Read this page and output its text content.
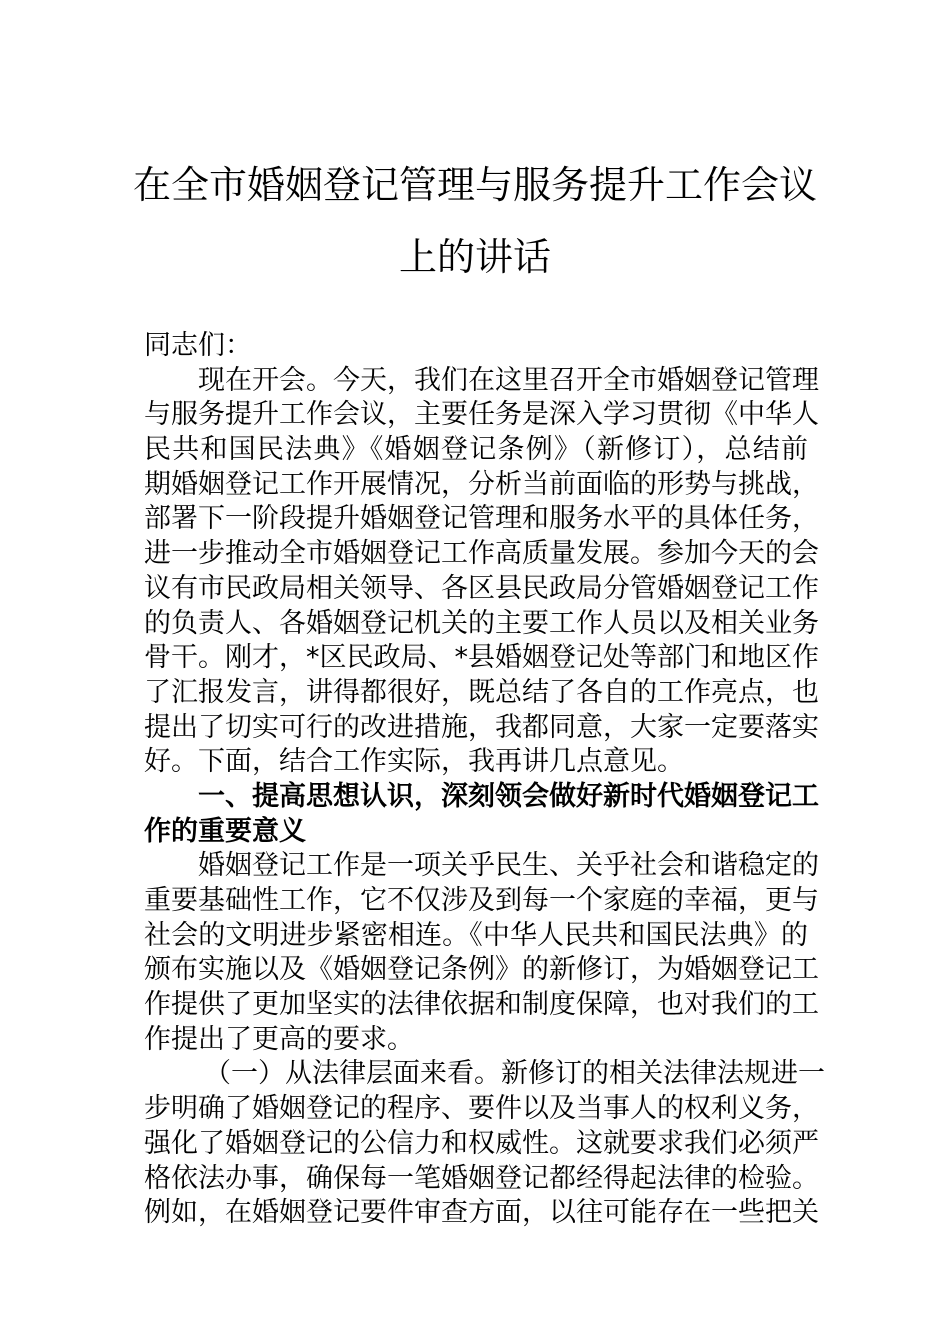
在全市婚姻登记管理与服务提升工作会议
上的讲话
同志们：
现在开会。今天，我们在这里召开全市婚姻登记管理
与服务提升工作会议，主要任务是深入学习贯彻《中华人
民共和国民法典》《婚姻登记条例》（新修订），总结前
期婚姻登记工作开展情况，分析当前面临的形势与挑战，
部署下一阶段提升婚姻登记管理和服务水平的具体任务，
进一步推动全市婚姻登记工作高质量发展。参加今天的会
议有市民政局相关领导、各区县民政局分管婚姻登记工作
的负责人、各婚姻登记机关的主要工作人员以及相关业务
骨干。刚才，*区民政局、*县婚姻登记处等部门和地区作
了汇报发言，讲得都很好，既总结了各自的工作亮点，也
提出了切实可行的改进措施，我都同意，大家一定要落实
好。下面，结合工作实际，我再讲几点意见。
一、提高思想认识，深刻领会做好新时代婚姻登记工
作的重要意义
婚姻登记工作是一项关乎民生、关乎社会和谐稳定的
重要基础性工作，它不仅涉及到每一个家庭的幸福，更与
社会的文明进步紧密相连。《中华人民共和国民法典》的
颁布实施以及《婚姻登记条例》的新修订，为婚姻登记工
作提供了更加坚实的法律依据和制度保障，也对我们的工
作提出了更高的要求。
（一）从法律层面来看。新修订的相关法律法规进一
步明确了婚姻登记的程序、要件以及当事人的权利义务，
强化了婚姻登记的公信力和权威性。这就要求我们必须严
格依法办事，确保每一笔婚姻登记都经得起法律的检验。
例如，在婚姻登记要件审查方面，以往可能存在一些把关
